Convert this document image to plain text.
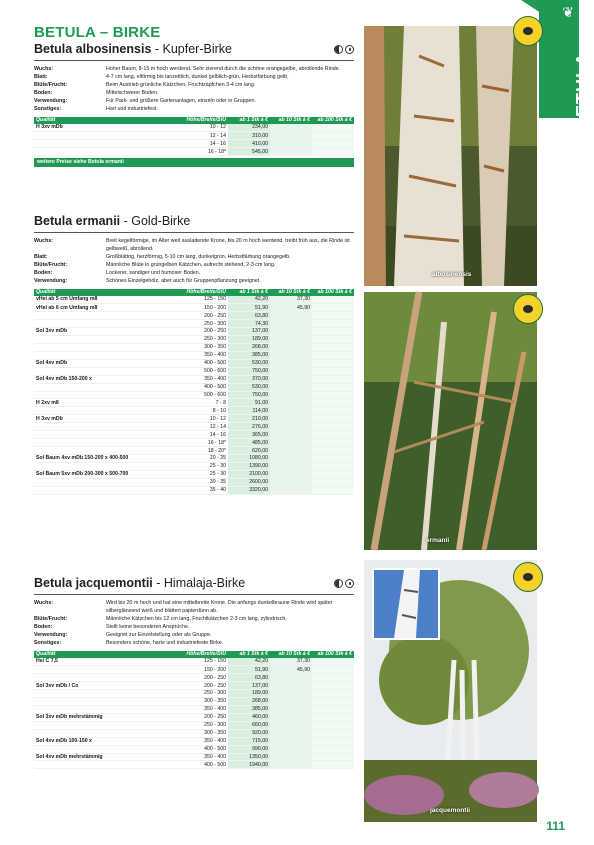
BETULA – BIRKE
❦
BETULA
Betula albosinensis - Kupfer-Birke
Wuchs:	Hoher Baum, 8-15 m hoch werdend. Sehr zierend durch die schöne orangegelbe, abrollende Rinde.
Blatt:	4-7 cm lang, eiförmig bis lanzettlich, dunkel gelblich-grün, Herbstfärbung gelb.
Blüte/Frucht:	Beim Austrieb grünliche Kätzchen, Fruchtzäpfchen 3-4 cm lang.
Boden:	Mittelschwerer Boden.
Verwendung:	Für Park- und größere Gartenanlagen, einzeln oder in Gruppen.
Sonstiges:	Hart und industriefest.
Qualität	Höhe/Breite/StU	ab 1 Stk à €	ab 10 Stk à €	ab 100 Stk à €
H 3xv mDb	10 - 12	234,00		
	12 - 14	310,00		
	14 - 16	410,00		
	16 - 18*	545,00		
weitere Preise siehe Betula ermanii
Betula ermanii - Gold-Birke
Wuchs:	Breit kegelförmige, im Alter weit ausladende Krone, bis 20 m hoch werdend, treibt früh aus, die Rinde ist gelbweiß, abrollend.
Blatt:	Großblättrig, herzförmig, 5-10 cm lang, dunkelgrün, Herbstfärbung orangegelb.
Blüte/Frucht:	Männliche Blüte in grüngelben Kätzchen, aufrecht stehend, 2-3 cm lang.
Boden:	Lockerer, sandiger und humoser Boden.
Verwendung:	Schönes Einzelgehölz, aber auch für Gruppenpflanzung geeignet.
Qualität	Höhe/Breite/StU	ab 1 Stk à €	ab 10 Stk à €	ab 100 Stk à €
vHei ab 5 cm Umfang m8	125 - 150	42,20	37,30	
vHei ab 6 cm Umfang m8	150 - 200	51,90	45,90	
	200 - 250	63,80		
	250 - 300	74,30		
Sol 3xv mDb	200 - 250	137,00		
	250 - 300	189,00		
	300 - 350	268,00		
	350 - 400	385,00		
Sol 4xv mDb	400 - 500	530,00		
	500 - 600	750,00		
Sol 4xv mDb 150-200 x	350 - 400	370,00		
	400 - 500	530,00		
	500 - 600	750,00		
H 2xv m8	7 - 8	91,00		
	8 - 10	114,00		
H 3xv mDb	10 - 12	210,00		
	12 - 14	276,00		
	14 - 16	365,00		
	16 - 18*	485,00		
	18 - 20*	620,00		
Sol Baum 4xv mDb 150-200 x 400-500	20 - 25	1080,00		
	25 - 30	1390,00		
Sol Baum 5xv mDb 200-300 x 500-700	25 - 30	2100,00		
	30 - 35	2600,00		
	35 - 40	3320,00		
Betula jacquemontii - Himalaja-Birke
Wuchs:	Wird bis 20 m hoch und hat eine mittelbreite Krone. Die anfangs dunkelbraune Rinde wird später silberglänzend weiß und blättert papierdünn ab.
Blüte/Frucht:	Männliche Kätzchen bis 12 cm lang, Fruchtkätzchen 2-3 cm lang, zylindrisch.
Boden:	Stellt keine besonderen Ansprüche.
Verwendung:	Geeignet zur Einzelstellung oder als Gruppe.
Sonstiges:	Besonders schöne, harte und industriefeste Birke.
Qualität	Höhe/Breite/StU	ab 1 Stk à €	ab 10 Stk à €	ab 100 Stk à €
Hei C 7,5	125 - 150	42,20	37,30	
	150 - 200	51,90	45,90	
	200 - 250	63,80		
Sol 3xv mDb / Co	200 - 250	137,00		
	250 - 300	189,00		
	300 - 350	268,00		
	350 - 400	385,00		
Sol 3xv mDb mehrstämmig	200 - 250	460,00		
	250 - 300	660,00		
	300 - 350	920,00		
Sol 4xv mDb 100-150 x	350 - 400	715,00		
	400 - 500	990,00		
Sol 4xv mDb mehrstämmig	350 - 400	1350,00		
	400 - 500	1940,00		
albosinensis
ermanii
jacquemontii
111
